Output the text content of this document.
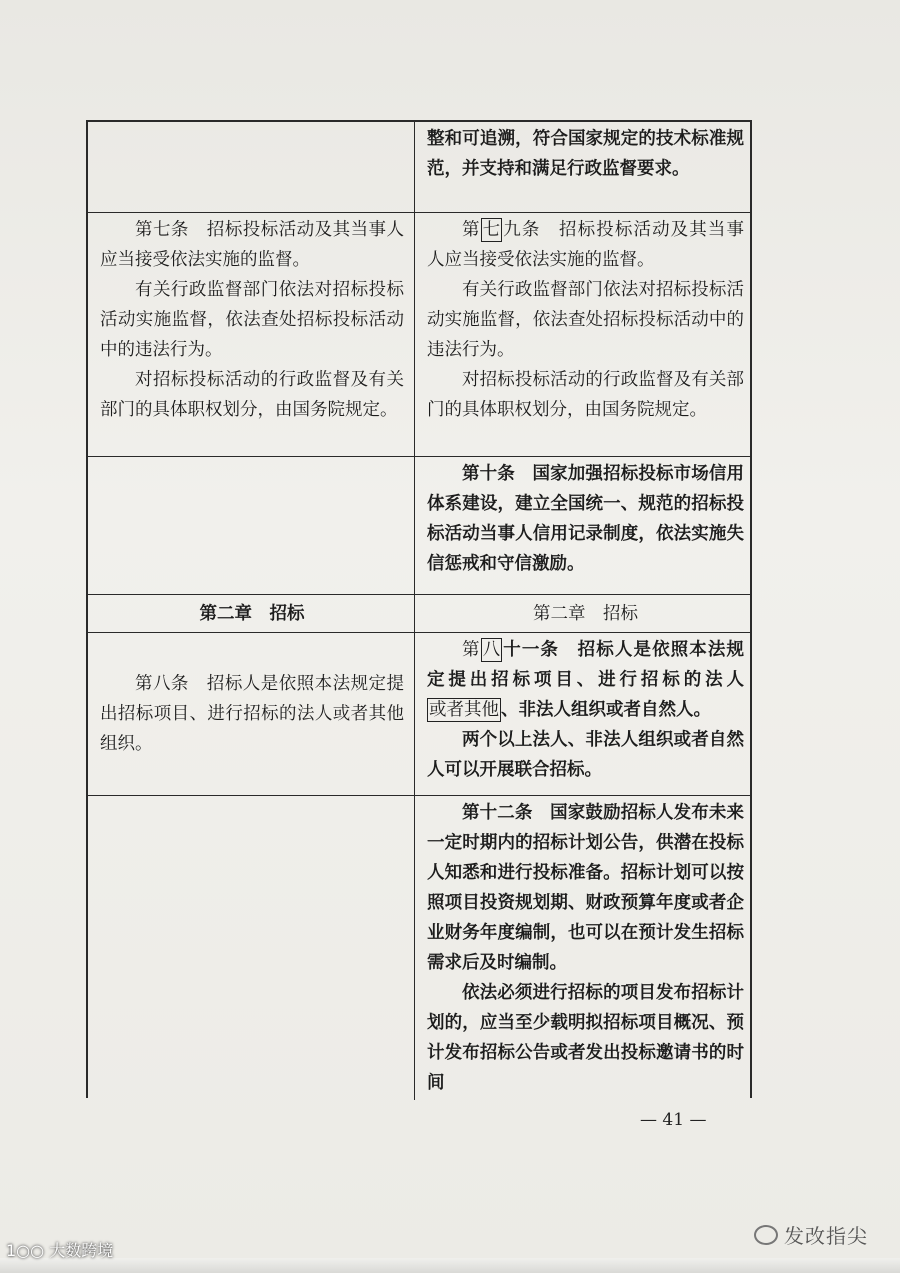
整和可追溯，符合国家规定的技术标准规范，并支持和满足行政监督要求。

第七条　招标投标活动及其当事人应当接受依法实施的监督。

有关行政监督部门依法对招标投标活动实施监督，依法查处招标投标活动中的违法行为。

对招标投标活动的行政监督及有关部门的具体职权划分，由国务院规定。

第 七 九条　招标投标活动及其当事人应当接受依法实施的监督。

有关行政监督部门依法对招标投标活动实施监督，依法查处招标投标活动中的违法行为。

对招标投标活动的行政监督及有关部门的具体职权划分，由国务院规定。

第十条　国家加强招标投标市场信用体系建设，建立全国统一、规范的招标投标活动当事人信用记录制度，依法实施失信惩戒和守信激励。

第二章　招标	第二章　招标

第八条　招标人是依照本法规定提出招标项目、进行招标的法人或者其他组织。

第 八 十一条　招标人是依照本法规定提出招标项目、进行招标的法人或者其他 、非法人组织或者自然人。

两个以上法人、非法人组织或者自然人可以开展联合招标。

第十二条　国家鼓励招标人发布未来一定时期内的招标计划公告，供潜在投标人知悉和进行投标准备。招标计划可以按照项目投资规划期、财政预算年度或者企业财务年度编制，也可以在预计发生招标需求后及时编制。

依法必须进行招标的项目发布招标计划的，应当至少载明拟招标项目概况、预计发布招标公告或者发出投标邀请书的时间

— 41 —
发改指尖
1○○ 大数跨境
